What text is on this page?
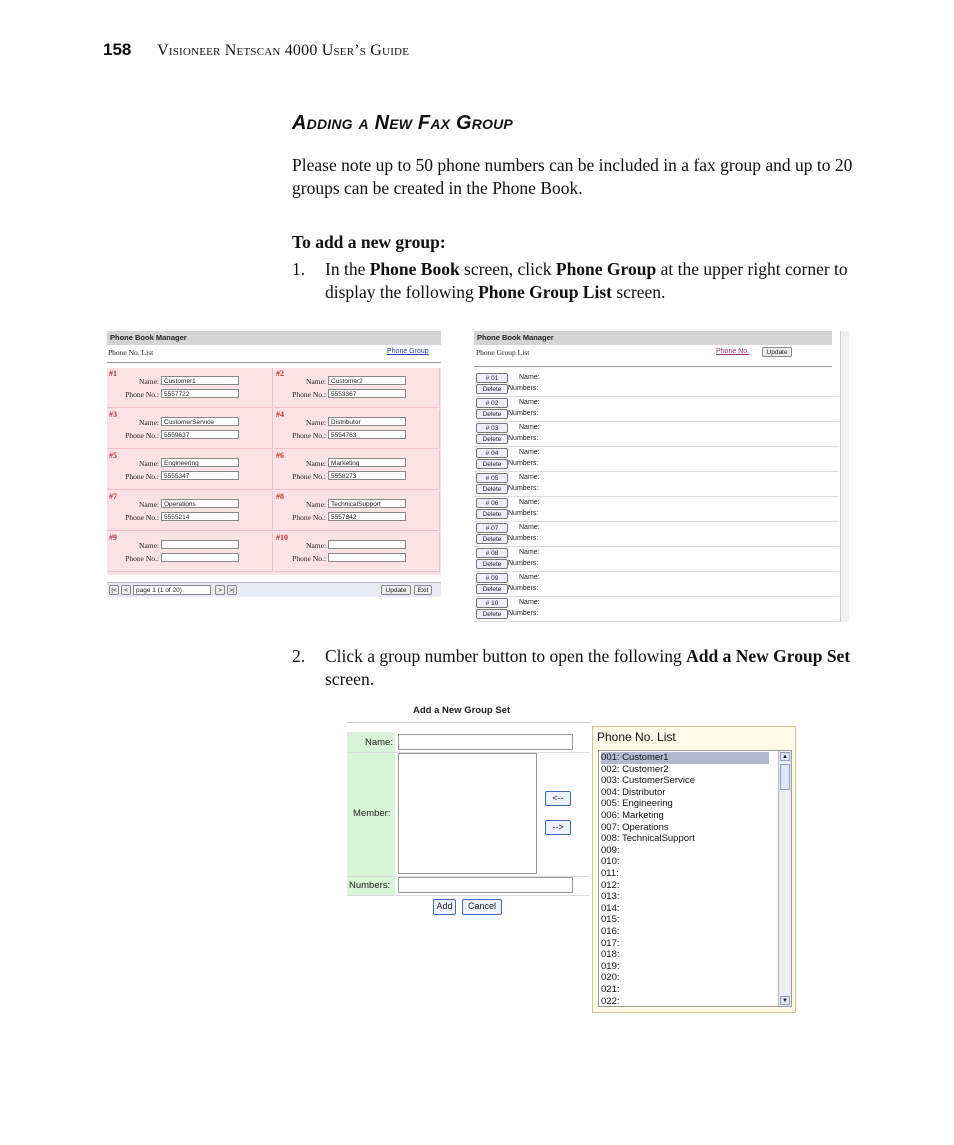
158 Visioneer Netscan 4000 User’s Guide
Adding a New Fax Group
Please note up to 50 phone numbers can be included in a fax group and up to 20 groups can be created in the Phone Book.
To add a new group:
1. In the Phone Book screen, click Phone Group at the upper right corner to display the following Phone Group List screen.
Phone Book Manager
Phone No. List	Phone Group
#1
Name: Customer1
Phone No.: 5557722
#2
Name: Customer2
Phone No.: 5553367
#3
Name: CustomerService
Phone No.: 5559637
#4
Name: Distributor
Phone No.: 5554763
#5
Name: Engineering
Phone No.: 5555347
#6
Name: Marketing
Phone No.: 5558273
#7
Name: Operations
Phone No.: 5555214
#8
Name: TechnicalSupport
Phone No.: 5557842
#9
Name:
Phone No.:
#10
Name:
Phone No.:
|<	<	page 1 (1 of 20)	>	>|	Update	Exit
Phone Book Manager
Phone Group List	Phone No.	Update
# 01	Name:
Delete Numbers:
# 02	Name:
Delete Numbers:
# 03	Name:
Delete Numbers:
# 04	Name:
Delete Numbers:
# 05	Name:
Delete Numbers:
# 06	Name:
Delete Numbers:
# 07	Name:
Delete Numbers:
# 08	Name:
Delete Numbers:
# 09	Name:
Delete Numbers:
# 10	Name:
Delete Numbers:
2. Click a group number button to open the following Add a New Group Set screen.
Add a New Group Set
Name:
Member:
<--
-->
Numbers:
Add	Cancel
Phone No. List
001: Customer1
002: Customer2
003: CustomerService
004: Distributor
005: Engineering
006: Marketing
007: Operations
008: TechnicalSupport
009:
010:
011:
012:
013:
014:
015:
016:
017:
018:
019:
020:
021:
022:
▲
▼
